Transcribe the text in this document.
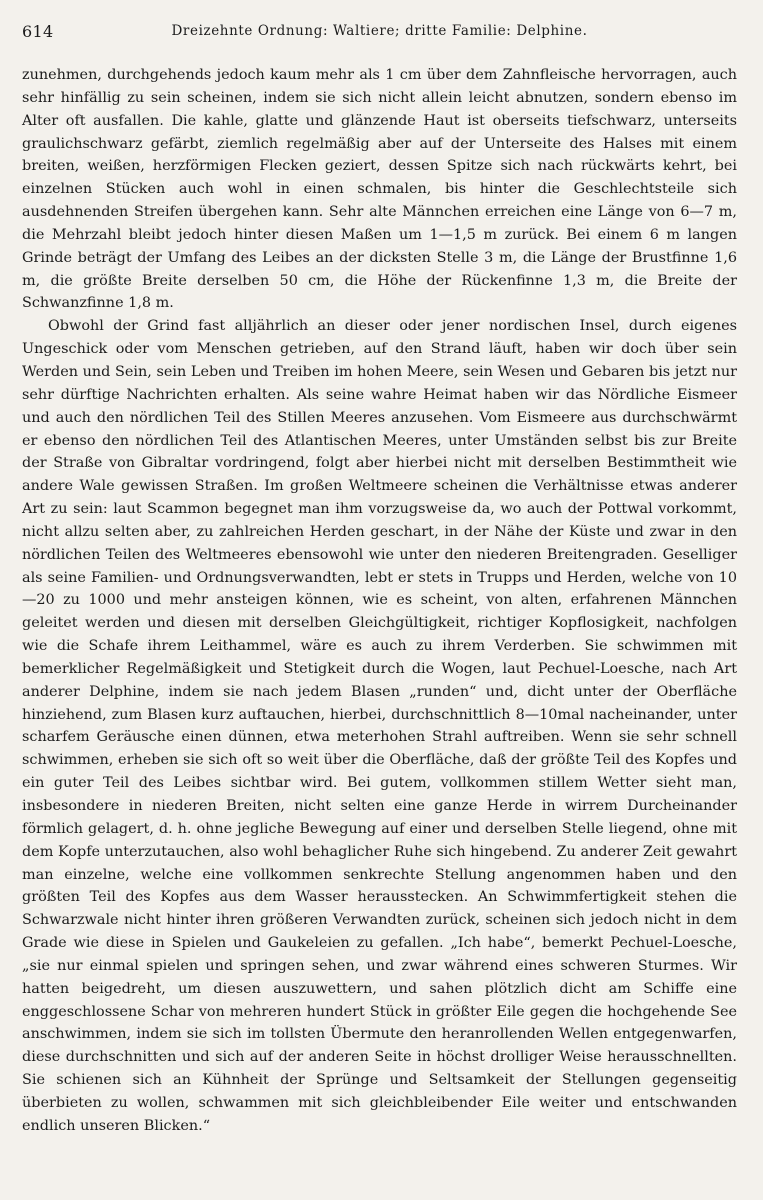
614	Dreizehnte Ordnung: Waltiere; dritte Familie: Delphine.

zunehmen, durchgehends jedoch kaum mehr als 1 cm über dem Zahnfleische hervorragen, auch sehr hinfällig zu sein scheinen, indem sie sich nicht allein leicht abnutzen, sondern ebenso im Alter oft ausfallen. Die kahle, glatte und glänzende Haut ist oberseits tiefschwarz, unterseits graulichschwarz gefärbt, ziemlich regelmäßig aber auf der Unterseite des Halses mit einem breiten, weißen, herzförmigen Flecken geziert, dessen Spitze sich nach rückwärts kehrt, bei einzelnen Stücken auch wohl in einen schmalen, bis hinter die Geschlechtsteile sich ausdehnenden Streifen übergehen kann. Sehr alte Männchen erreichen eine Länge von 6—7 m, die Mehrzahl bleibt jedoch hinter diesen Maßen um 1—1,5 m zurück. Bei einem 6 m langen Grinde beträgt der Umfang des Leibes an der dicksten Stelle 3 m, die Länge der Brustfinne 1,6 m, die größte Breite derselben 50 cm, die Höhe der Rückenfinne 1,3 m, die Breite der Schwanzfinne 1,8 m.

Obwohl der Grind fast alljährlich an dieser oder jener nordischen Insel, durch eigenes Ungeschick oder vom Menschen getrieben, auf den Strand läuft, haben wir doch über sein Werden und Sein, sein Leben und Treiben im hohen Meere, sein Wesen und Gebaren bis jetzt nur sehr dürftige Nachrichten erhalten. Als seine wahre Heimat haben wir das Nördliche Eismeer und auch den nördlichen Teil des Stillen Meeres anzusehen. Vom Eismeere aus durchschwärmt er ebenso den nördlichen Teil des Atlantischen Meeres, unter Umständen selbst bis zur Breite der Straße von Gibraltar vordringend, folgt aber hierbei nicht mit derselben Bestimmtheit wie andere Wale gewissen Straßen. Im großen Weltmeere scheinen die Verhältnisse etwas anderer Art zu sein: laut Scammon begegnet man ihm vorzugsweise da, wo auch der Pottwal vorkommt, nicht allzu selten aber, zu zahlreichen Herden geschart, in der Nähe der Küste und zwar in den nördlichen Teilen des Weltmeeres ebensowohl wie unter den niederen Breitengraden. Geselliger als seine Familien- und Ordnungsverwandten, lebt er stets in Trupps und Herden, welche von 10—20 zu 1000 und mehr ansteigen können, wie es scheint, von alten, erfahrenen Männchen geleitet werden und diesen mit derselben Gleichgültigkeit, richtiger Kopflosigkeit, nachfolgen wie die Schafe ihrem Leithammel, wäre es auch zu ihrem Verderben. Sie schwimmen mit bemerklicher Regelmäßigkeit und Stetigkeit durch die Wogen, laut Pechuel-Loesche, nach Art anderer Delphine, indem sie nach jedem Blasen „runden“ und, dicht unter der Oberfläche hinziehend, zum Blasen kurz auftauchen, hierbei, durchschnittlich 8—10mal nacheinander, unter scharfem Geräusche einen dünnen, etwa meterhohen Strahl auftreiben. Wenn sie sehr schnell schwimmen, erheben sie sich oft so weit über die Oberfläche, daß der größte Teil des Kopfes und ein guter Teil des Leibes sichtbar wird. Bei gutem, vollkommen stillem Wetter sieht man, insbesondere in niederen Breiten, nicht selten eine ganze Herde in wirrem Durcheinander förmlich gelagert, d. h. ohne jegliche Bewegung auf einer und derselben Stelle liegend, ohne mit dem Kopfe unterzutauchen, also wohl behaglicher Ruhe sich hingebend. Zu anderer Zeit gewahrt man einzelne, welche eine vollkommen senkrechte Stellung angenommen haben und den größten Teil des Kopfes aus dem Wasser herausstecken. An Schwimmfertigkeit stehen die Schwarzwale nicht hinter ihren größeren Verwandten zurück, scheinen sich jedoch nicht in dem Grade wie diese in Spielen und Gaukeleien zu gefallen. „Ich habe“, bemerkt Pechuel-Loesche, „sie nur einmal spielen und springen sehen, und zwar während eines schweren Sturmes. Wir hatten beigedreht, um diesen auszuwettern, und sahen plötzlich dicht am Schiffe eine enggeschlossene Schar von mehreren hundert Stück in größter Eile gegen die hochgehende See anschwimmen, indem sie sich im tollsten Übermute den heranrollenden Wellen entgegenwarfen, diese durchschnitten und sich auf der anderen Seite in höchst drolliger Weise herausschnellten. Sie schienen sich an Kühnheit der Sprünge und Seltsamkeit der Stellungen gegenseitig überbieten zu wollen, schwammen mit sich gleichbleibender Eile weiter und entschwanden endlich unseren Blicken.“
